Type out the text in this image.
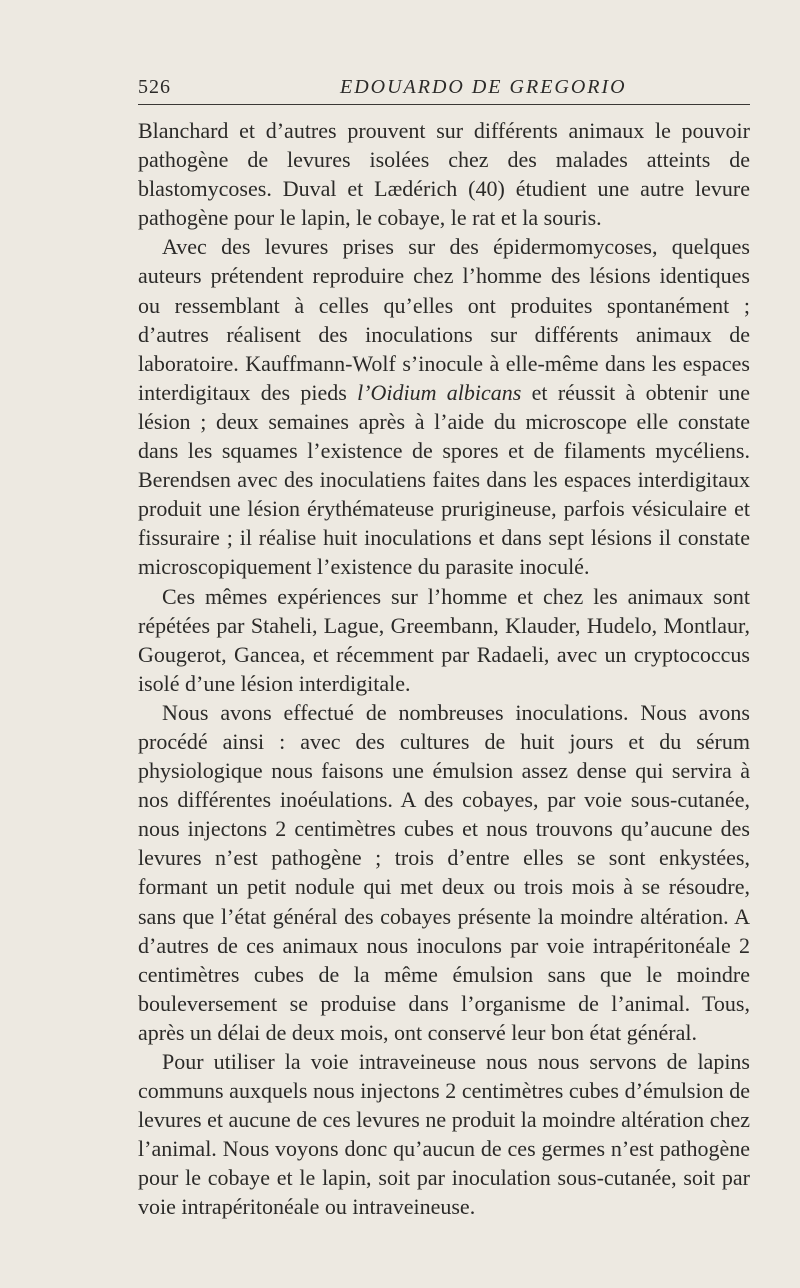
526	EDOUARDO DE GREGORIO

Blanchard et d’autres prouvent sur différents animaux le pouvoir pathogène de levures isolées chez des malades atteints de blastomycoses. Duval et Lædérich (40) étudient une autre levure pathogène pour le lapin, le cobaye, le rat et la souris.

Avec des levures prises sur des épidermomycoses, quelques auteurs prétendent reproduire chez l’homme des lésions identiques ou ressemblant à celles qu’elles ont produites spontanément ; d’autres réalisent des inoculations sur différents animaux de laboratoire. Kauffmann-Wolf s’inocule à elle-même dans les espaces interdigitaux des pieds l’Oidium albicans et réussit à obtenir une lésion ; deux semaines après à l’aide du microscope elle constate dans les squames l’existence de spores et de filaments mycéliens. Berendsen avec des inoculatiens faites dans les espaces interdigitaux produit une lésion érythémateuse prurigineuse, parfois vésiculaire et fissuraire ; il réalise huit inoculations et dans sept lésions il constate microscopiquement l’existence du parasite inoculé.

Ces mêmes expériences sur l’homme et chez les animaux sont répétées par Staheli, Lague, Greembann, Klauder, Hudelo, Montlaur, Gougerot, Gancea, et récemment par Radaeli, avec un cryptococcus isolé d’une lésion interdigitale.

Nous avons effectué de nombreuses inoculations. Nous avons procédé ainsi : avec des cultures de huit jours et du sérum physiologique nous faisons une émulsion assez dense qui servira à nos différentes inoéulations. A des cobayes, par voie sous-cutanée, nous injectons 2 centimètres cubes et nous trouvons qu’aucune des levures n’est pathogène ; trois d’entre elles se sont enkystées, formant un petit nodule qui met deux ou trois mois à se résoudre, sans que l’état général des cobayes présente la moindre altération. A d’autres de ces animaux nous inoculons par voie intrapéritonéale 2 centimètres cubes de la même émulsion sans que le moindre bouleversement se produise dans l’organisme de l’animal. Tous, après un délai de deux mois, ont conservé leur bon état général.

Pour utiliser la voie intraveineuse nous nous servons de lapins communs auxquels nous injectons 2 centimètres cubes d’émulsion de levures et aucune de ces levures ne produit la moindre altération chez l’animal. Nous voyons donc qu’aucun de ces germes n’est pathogène pour le cobaye et le lapin, soit par inoculation sous-cutanée, soit par voie intrapéritonéale ou intraveineuse.
